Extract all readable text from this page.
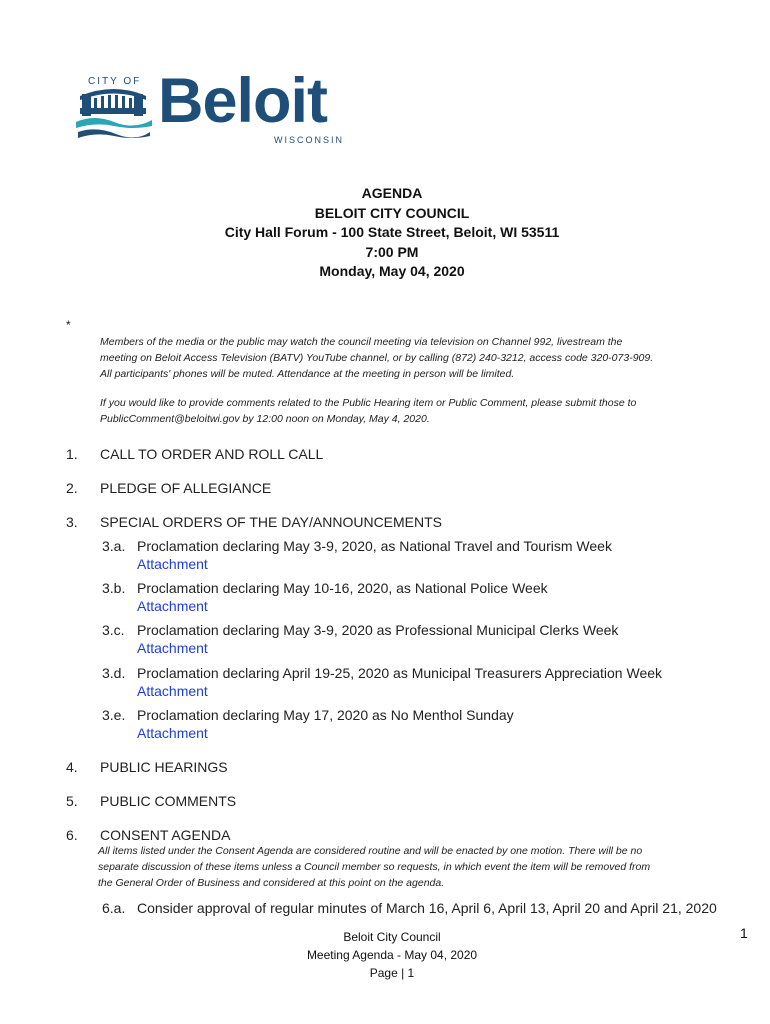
CITY OF Beloit
WISCONSIN
AGENDA
BELOIT CITY COUNCIL
City Hall Forum - 100 State Street, Beloit, WI 53511
7:00 PM
Monday, May 04, 2020
*

Members of the media or the public may watch the council meeting via television on Channel 992, livestream the

meeting on Beloit Access Television (BATV) YouTube channel, or by calling (872) 240-3212, access code 320-073-909.

All participants' phones will be muted. Attendance at the meeting in person will be limited.

If you would like to provide comments related to the Public Hearing item or Public Comment, please submit those to

PublicComment@beloitwi.gov by 12:00 noon on Monday, May 4, 2020.

1. CALL TO ORDER AND ROLL CALL
2. PLEDGE OF ALLEGIANCE
3. SPECIAL ORDERS OF THE DAY/ANNOUNCEMENTS
3.a. Proclamation declaring May 3-9, 2020, as National Travel and Tourism Week
Attachment
3.b. Proclamation declaring May 10-16, 2020, as National Police Week
Attachment
3.c. Proclamation declaring May 3-9, 2020 as Professional Municipal Clerks Week
Attachment
3.d. Proclamation declaring April 19-25, 2020 as Municipal Treasurers Appreciation Week
Attachment
3.e. Proclamation declaring May 17, 2020 as No Menthol Sunday
Attachment
4. PUBLIC HEARINGS
5. PUBLIC COMMENTS
6. CONSENT AGENDA
All items listed under the Consent Agenda are considered routine and will be enacted by one motion. There will be no
separate discussion of these items unless a Council member so requests, in which event the item will be removed from
the General Order of Business and considered at this point on the agenda.
6.a. Consider approval of regular minutes of March 16, April 6, April 13, April 20 and April 21, 2020
Beloit City Council
Meeting Agenda - May 04, 2020
Page | 1
1
